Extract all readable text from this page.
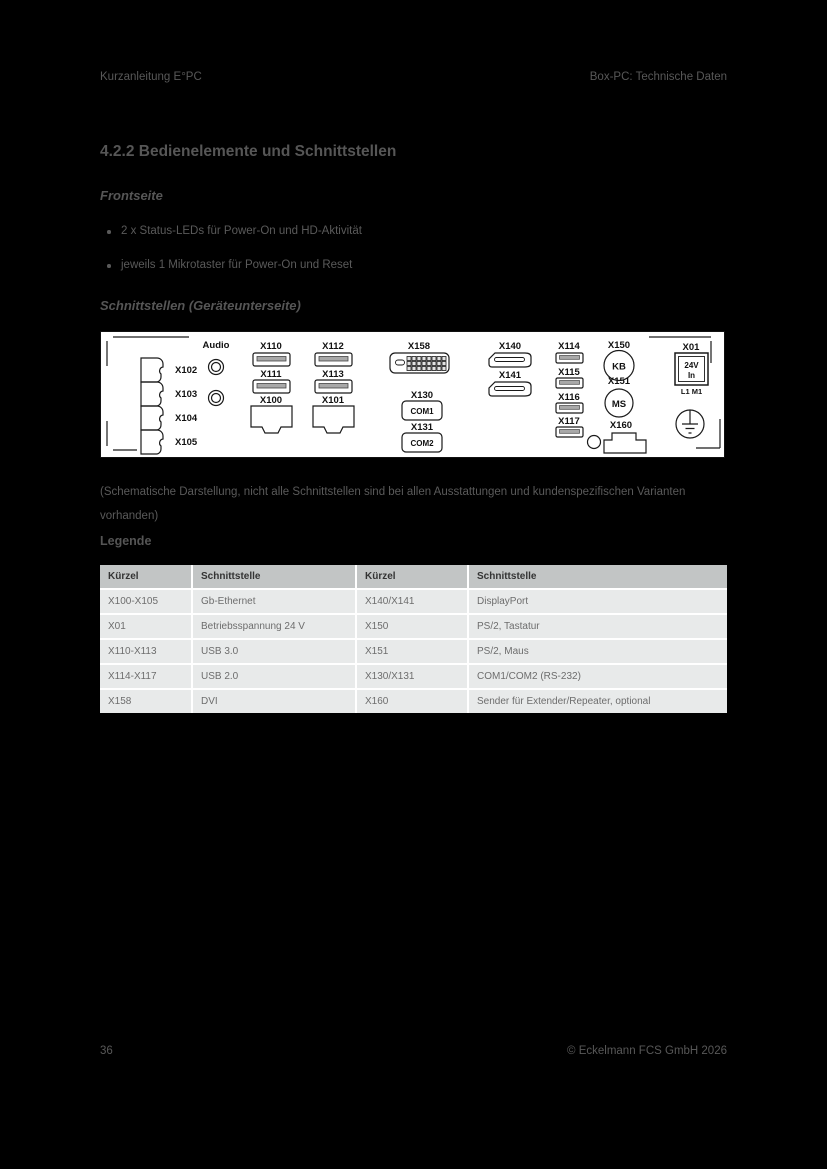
Kurzanleitung E°PC	Box-PC: Technische Daten
4.2.2 Bedienelemente und Schnittstellen
Frontseite
2 x Status-LEDs für Power-On und HD-Aktivität
jeweils 1 Mikrotaster für Power-On und Reset
Schnittstellen (Geräteunterseite)
Audio	X110
X111
X100
X112
X113
X101
X158
X130
COM1
X131
COM2
X140
X141
X114
X115
X116
X117
X150
KB
X151
MS
X160
X01
24V
In
L1 M1
X102
X103
X104
X105
(Schematische Darstellung, nicht alle Schnittstellen sind bei allen Ausstattungen und kundenspezifischen Varianten vorhanden)
Legende
Kürzel	Schnittstelle	Kürzel	Schnittstelle
X100-X105	Gb-Ethernet	X140/X141	DisplayPort
X01	Betriebsspannung 24 V	X150	PS/2, Tastatur
X110-X113	USB 3.0	X151	PS/2, Maus
X114-X117	USB 2.0	X130/X131	COM1/COM2 (RS-232)
X158	DVI	X160	Sender für Extender/Repeater, optional
36	© Eckelmann FCS GmbH 2026
